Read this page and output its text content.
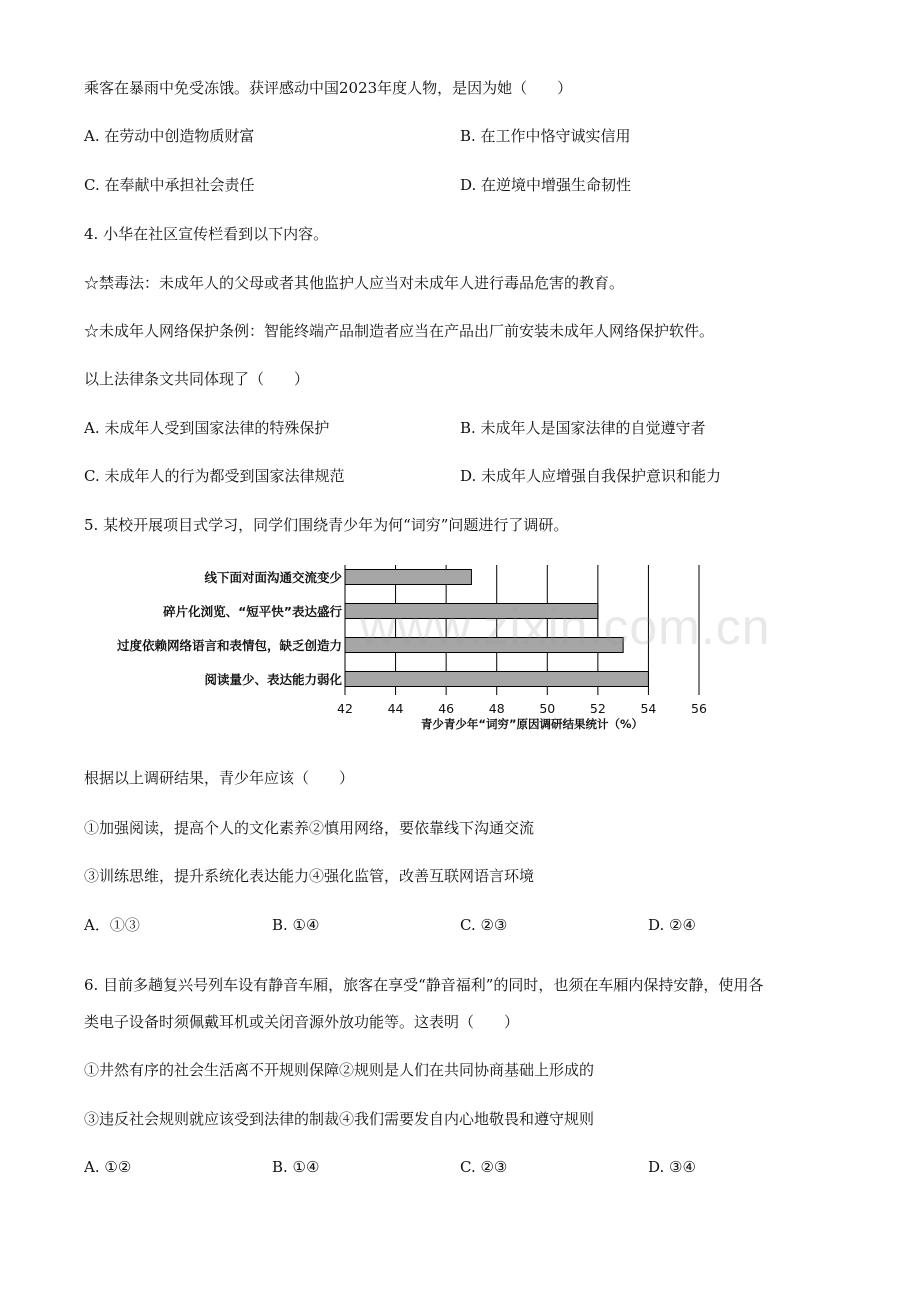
乘客在暴雨中免受冻饿。获评感动中国2023年度人物，是因为她（　　）
A. 在劳动中创造物质财富	B. 在工作中恪守诚实信用
C. 在奉献中承担社会责任	D. 在逆境中增强生命韧性
4. 小华在社区宣传栏看到以下内容。
☆禁毒法：未成年人的父母或者其他监护人应当对未成年人进行毒品危害的教育。
☆未成年人网络保护条例：智能终端产品制造者应当在产品出厂前安装未成年人网络保护软件。
以上法律条文共同体现了（　　）
A. 未成年人受到国家法律的特殊保护	B. 未成年人是国家法律的自觉遵守者
C. 未成年人的行为都受到国家法律规范	D. 未成年人应增强自我保护意识和能力
5. 某校开展项目式学习，同学们围绕青少年为何“词穷”问题进行了调研。
线下面对面沟通交流变少
碎片化浏览、“短平快”表达盛行
过度依赖网络语言和表情包，缺乏创造力
阅读量少、表达能力弱化
42	44	46	48	50	52	54	56
青少青少年“词穷”原因调研结果统计（%）
www.zixin.com.cn
根据以上调研结果，青少年应该（　　）
①加强阅读，提高个人的文化素养②慎用网络，要依靠线下沟通交流
③训练思维，提升系统化表达能力④强化监管，改善互联网语言环境
A．①③	B. ①④	C. ②③	D. ②④
6. 目前多趟复兴号列车设有静音车厢，旅客在享受“静音福利”的同时，也须在车厢内保持安静，使用各
类电子设备时须佩戴耳机或关闭音源外放功能等。这表明（　　）
①井然有序的社会生活离不开规则保障②规则是人们在共同协商基础上形成的
③违反社会规则就应该受到法律的制裁④我们需要发自内心地敬畏和遵守规则
A. ①②	B. ①④	C. ②③	D. ③④
